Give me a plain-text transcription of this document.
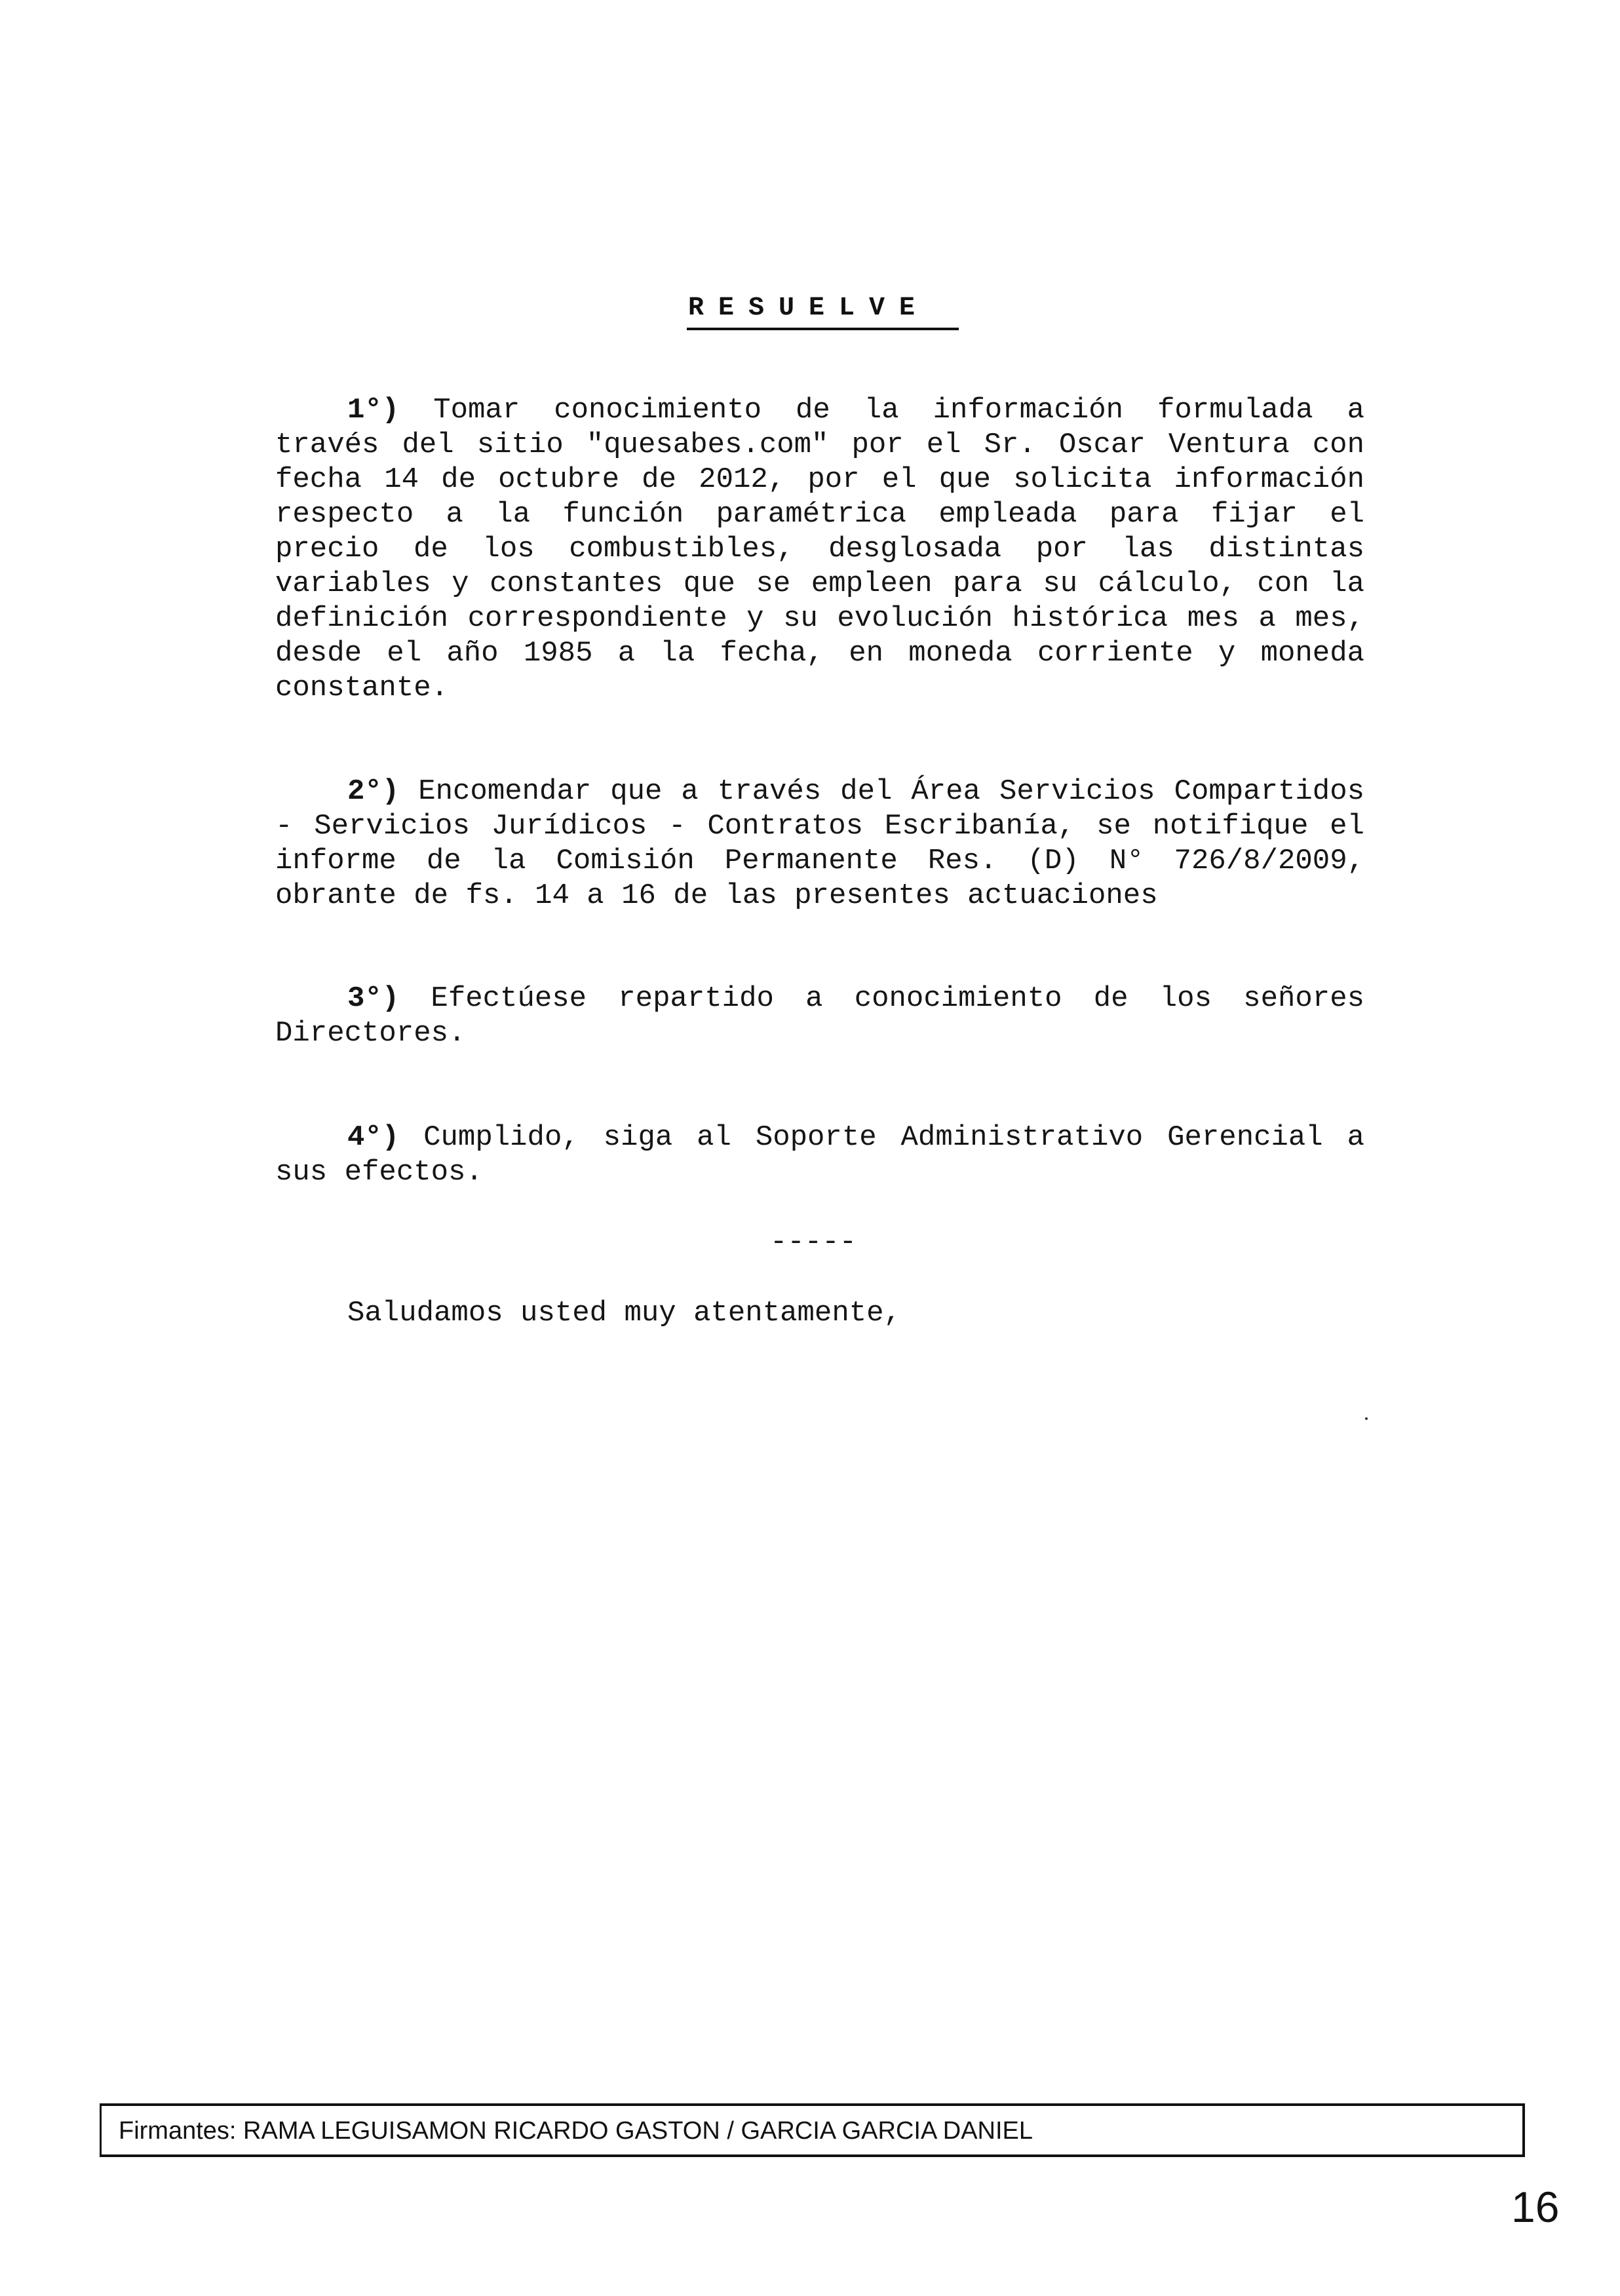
RESUELVE

1°) Tomar conocimiento de la información formulada a través del sitio "quesabes.com" por el Sr. Oscar Ventura con fecha 14 de octubre de 2012, por el que solicita información respecto a la función paramétrica empleada para fijar el precio de los combustibles, desglosada por las distintas variables y constantes que se empleen para su cálculo, con la definición correspondiente y su evolución histórica mes a mes, desde el año 1985 a la fecha, en moneda corriente y moneda constante.

2°) Encomendar que a través del Área Servicios Compartidos - Servicios Jurídicos - Contratos Escribanía, se notifique el informe de la Comisión Permanente Res. (D) N° 726/8/2009, obrante de fs. 14 a 16 de las presentes actuaciones

3°) Efectúese repartido a conocimiento de los señores Directores.

4°) Cumplido, siga al Soporte Administrativo Gerencial a sus efectos.

-----
Saludamos usted muy atentamente,
Firmantes: RAMA LEGUISAMON RICARDO GASTON / GARCIA GARCIA DANIEL
16
